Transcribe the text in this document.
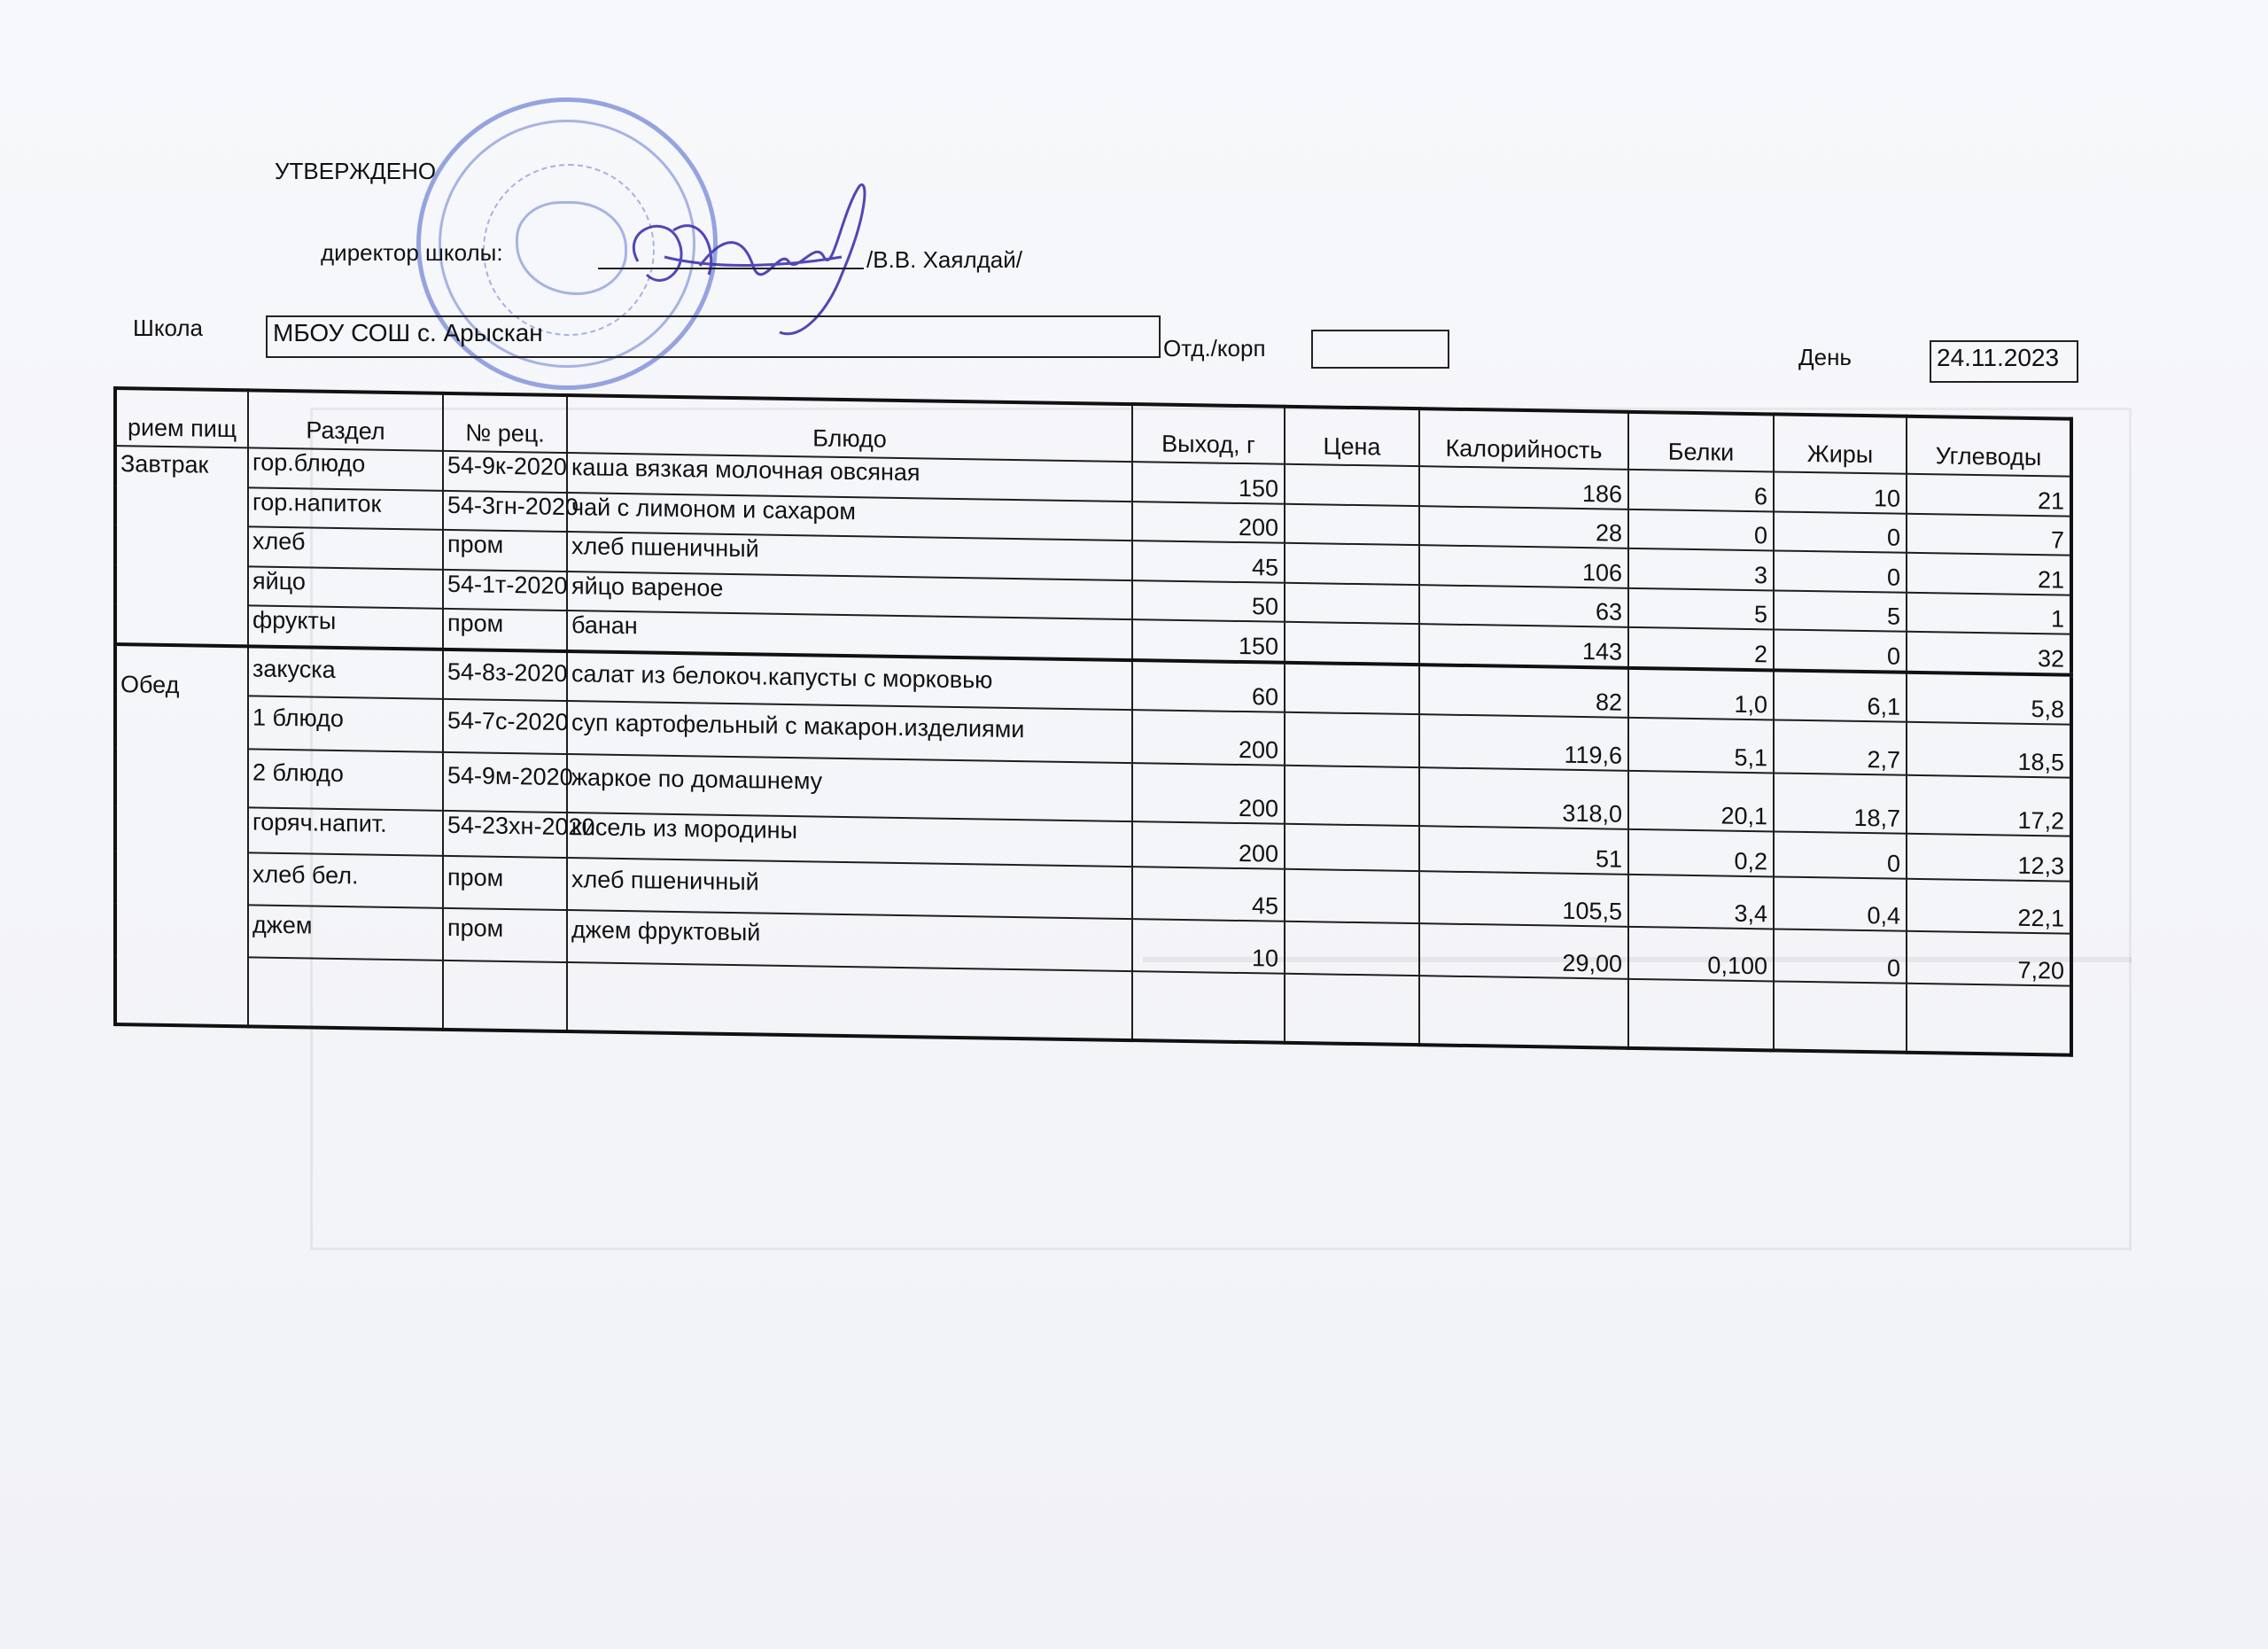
УТВЕРЖДЕНО
директор школы:	/В.В. Хаялдай/
Школа	МБОУ СОШ с. Арыскан
Отд./корп	День	24.11.2023
рием пищ	Раздел	№ рец.	Блюдо	Выход, г	Цена	Калорийность	Белки	Жиры	Углеводы
Завтрак	гор.блюдо	54-9к-2020	каша вязкая молочная овсяная	150		186	6	10	21
	гор.напиток	54-3гн-2020	чай с лимоном и сахаром	200		28	0	0	7
	хлеб	пром	хлеб пшеничный	45		106	3	0	21
	яйцо	54-1т-2020	яйцо вареное	50		63	5	5	1
	фрукты	пром	банан	150		143	2	0	32
Обед	закуска	54-8з-2020	салат из белокоч.капусты с морковью	60		82	1,0	6,1	5,8
	1 блюдо	54-7с-2020	суп картофельный с макарон.изделиями	200		119,6	5,1	2,7	18,5
	2 блюдо	54-9м-2020	жаркое по домашнему	200		318,0	20,1	18,7	17,2
	горяч.напит.	54-23хн-2020	кисель из мородины	200		51	0,2	0	12,3
	хлеб бел.	пром	хлеб пшеничный	45		105,5	3,4	0,4	22,1
	джем	пром	джем фруктовый	10		29,00	0,100	0	7,20
